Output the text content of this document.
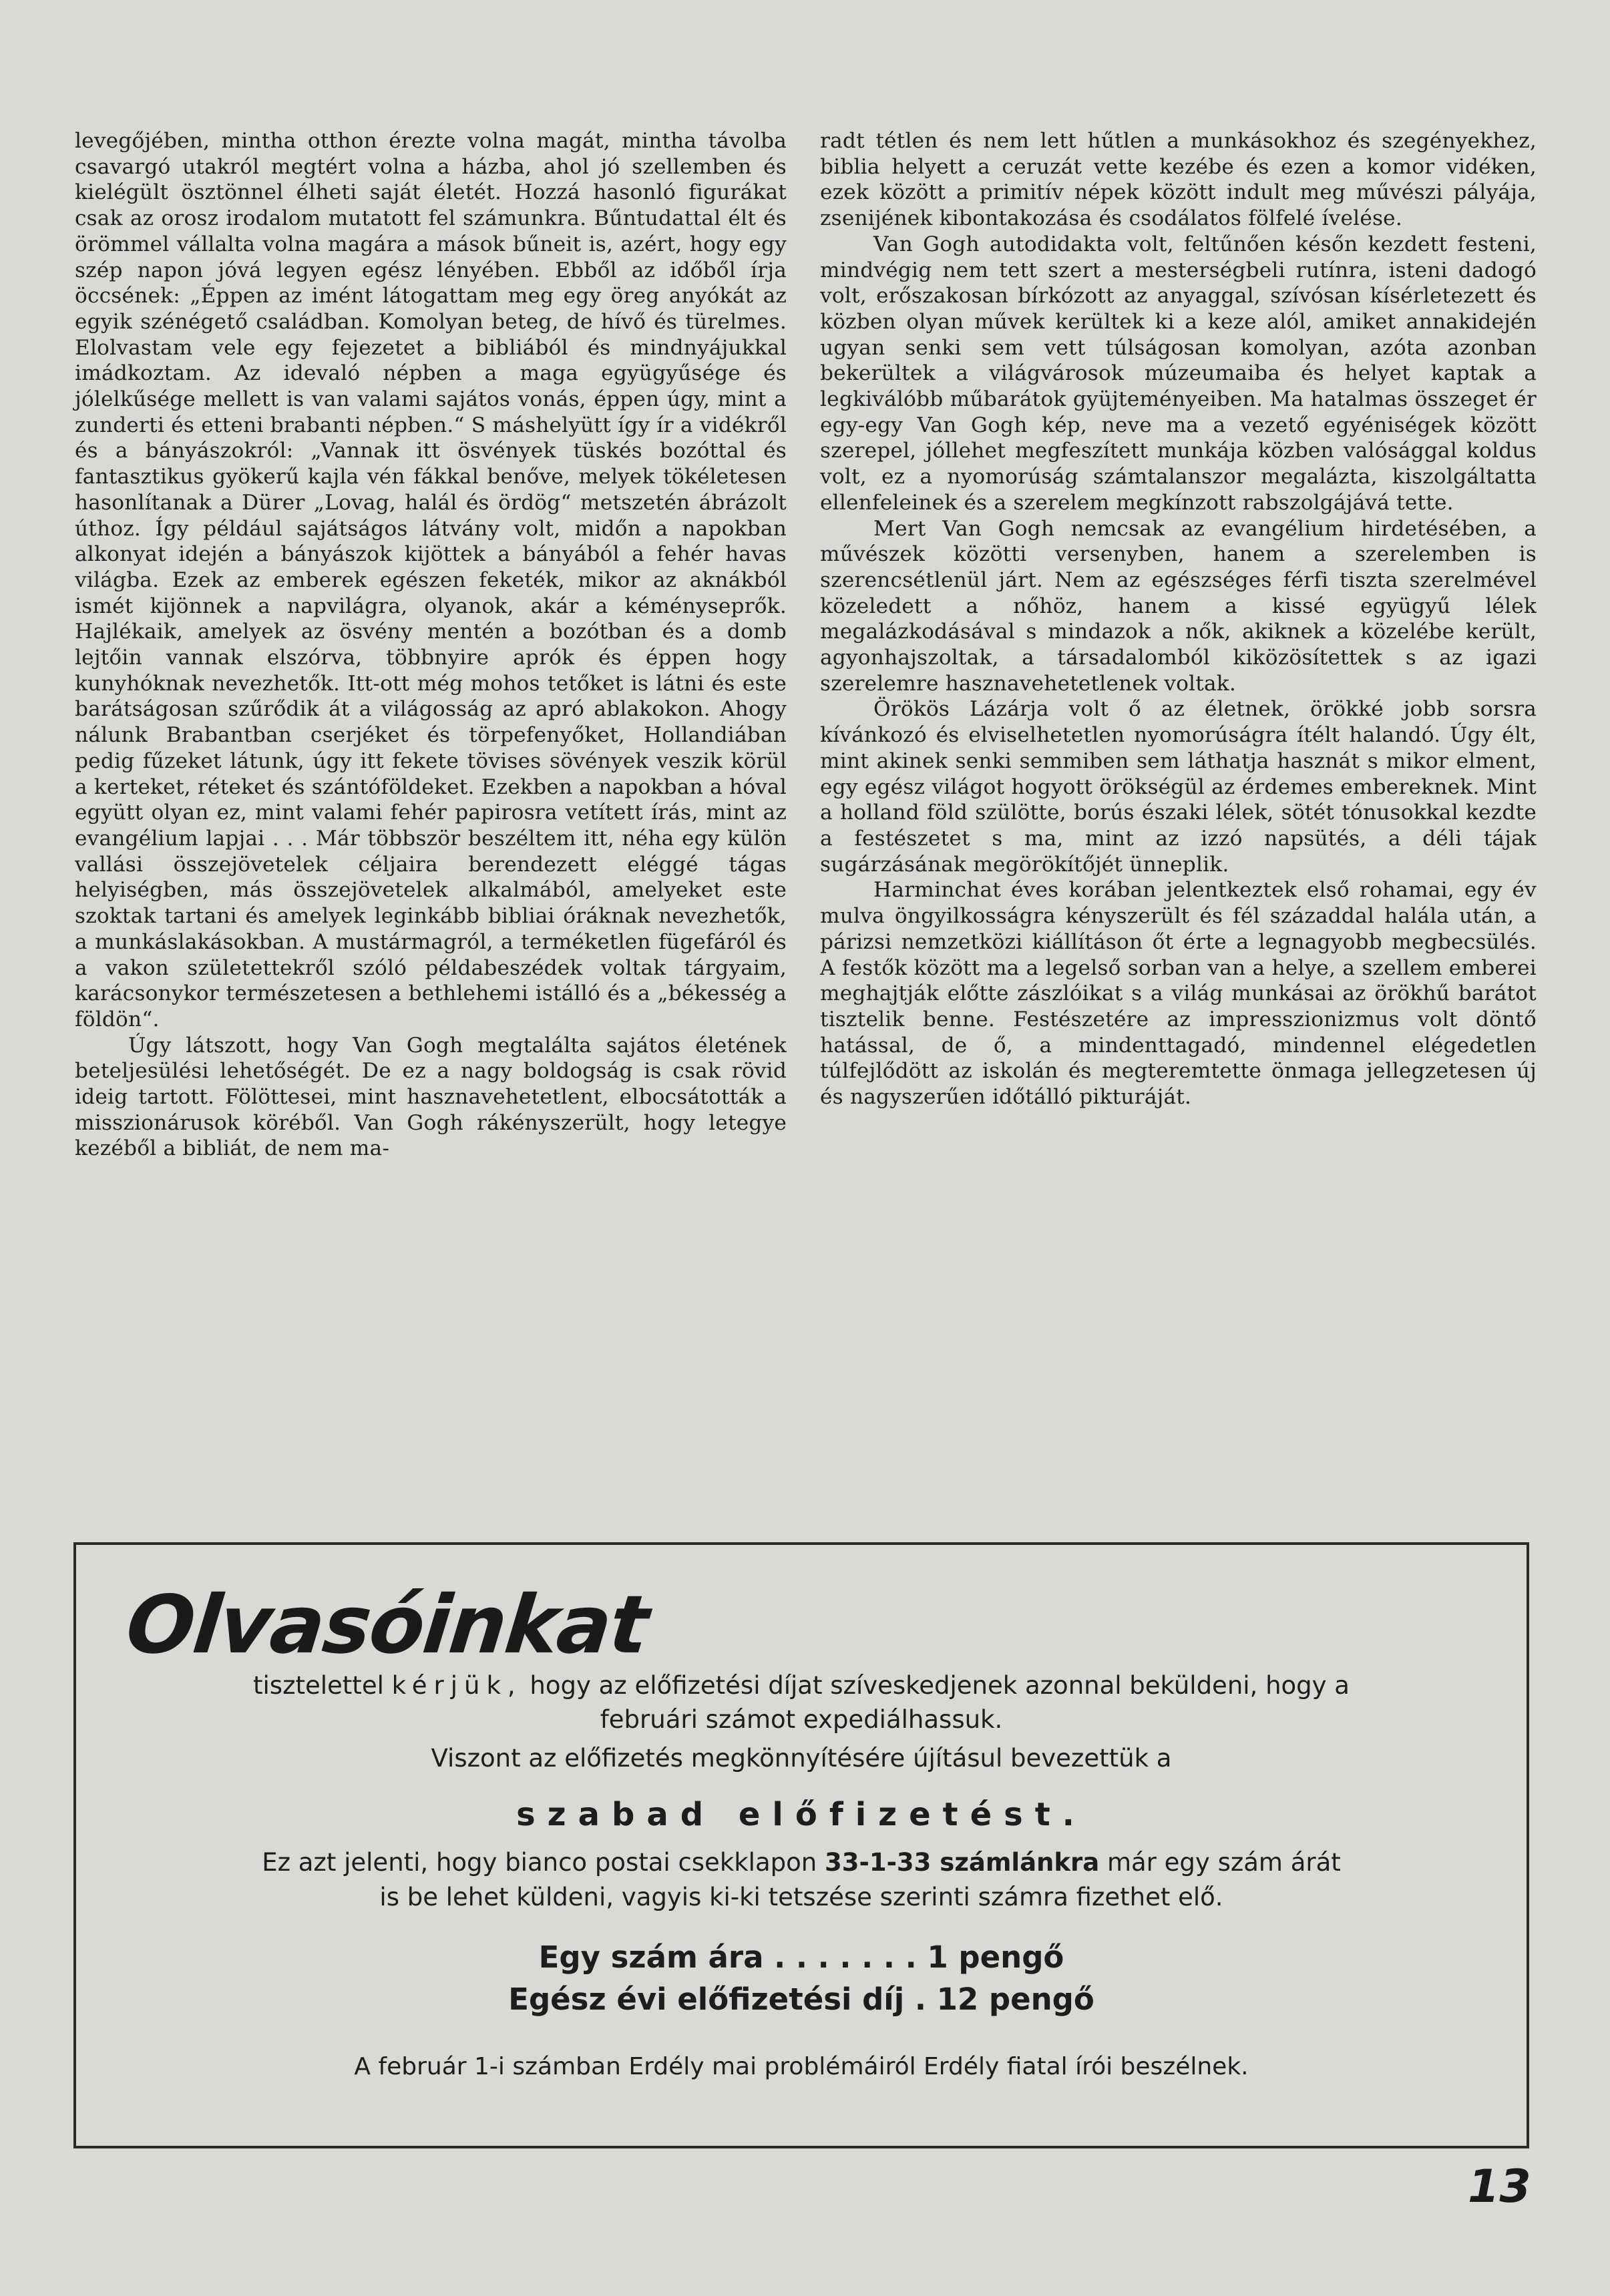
levegőjében, mintha otthon érezte volna magát, mintha távolba csavargó utakról megtért volna a házba, ahol jó szellemben és kielégült ösztönnel élheti saját életét. Hozzá hasonló figurákat csak az orosz irodalom mutatott fel számunkra. Bűntudattal élt és örömmel vállalta volna magára a mások bűneit is, azért, hogy egy szép napon jóvá legyen egész lényében. Ebből az időből írja öccsének: „Éppen az imént látogattam meg egy öreg anyókát az egyik szénégető családban. Komolyan beteg, de hívő és türelmes. Elolvastam vele egy fejezetet a bibliából és mindnyájukkal imádkoztam. Az idevaló népben a maga együgyűsége és jólelkűsége mellett is van valami sajátos vonás, éppen úgy, mint a zunderti és etteni brabanti népben.“ S máshelyütt így ír a vidékről és a bányászokról: „Vannak itt ösvények tüskés bozóttal és fantasztikus gyökerű kajla vén fákkal benőve, melyek tökéletesen hasonlítanak a Dürer „Lovag, halál és ördög“ metszetén ábrázolt úthoz. Így például sajátságos látvány volt, midőn a napokban alkonyat idején a bányászok kijöttek a bányából a fehér havas világba. Ezek az emberek egészen feketék, mikor az aknákból ismét kijönnek a napvilágra, olyanok, akár a kéményseprők. Hajlékaik, amelyek az ösvény mentén a bozótban és a domb lejtőin vannak elszórva, többnyire aprók és éppen hogy kunyhóknak nevezhetők. Itt-ott még mohos tetőket is látni és este barátságosan szűrődik át a világosság az apró ablakokon. Ahogy nálunk Brabantban cserjéket és törpefenyőket, Hollandiában pedig fűzeket látunk, úgy itt fekete tövises sövények veszik körül a kerteket, réteket és szántóföldeket. Ezekben a napokban a hóval együtt olyan ez, mint valami fehér papirosra vetített írás, mint az evangélium lapjai . . . Már többször beszéltem itt, néha egy külön vallási összejövetelek céljaira berendezett eléggé tágas helyiségben, más összejövetelek alkalmából, amelyeket este szoktak tartani és amelyek leginkább bibliai óráknak nevezhetők, a munkáslakásokban. A mustármagról, a terméketlen fügefáról és a vakon születettekről szóló példabeszédek voltak tárgyaim, karácsonykor természetesen a bethlehemi istálló és a „békesség a földön“.

Úgy látszott, hogy Van Gogh megtalálta sajátos életének beteljesülési lehetőségét. De ez a nagy boldogság is csak rövid ideig tartott. Fölöttesei, mint hasznavehetetlent, elbocsátották a misszionárusok köréből. Van Gogh rákényszerült, hogy letegye kezéből a bibliát, de nem ma-

radt tétlen és nem lett hűtlen a munkásokhoz és szegényekhez, biblia helyett a ceruzát vette kezébe és ezen a komor vidéken, ezek között a primitív népek között indult meg művészi pályája, zsenijének kibontakozása és csodálatos fölfelé ívelése.

Van Gogh autodidakta volt, feltűnően későn kezdett festeni, mindvégig nem tett szert a mesterségbeli rutínra, isteni dadogó volt, erőszakosan bírkózott az anyaggal, szívósan kísérletezett és közben olyan művek kerültek ki a keze alól, amiket annakidején ugyan senki sem vett túlságosan komolyan, azóta azonban bekerültek a világvárosok múzeumaiba és helyet kaptak a legkiválóbb műbarátok gyüjteményeiben. Ma hatalmas összeget ér egy-egy Van Gogh kép, neve ma a vezető egyéniségek között szerepel, jóllehet megfeszített munkája közben valósággal koldus volt, ez a nyomorúság számtalanszor megalázta, kiszolgáltatta ellenfeleinek és a szerelem megkínzott rabszolgájává tette.

Mert Van Gogh nemcsak az evangélium hirdetésében, a művészek közötti versenyben, hanem a szerelemben is szerencsétlenül járt. Nem az egészséges férfi tiszta szerelmével közeledett a nőhöz, hanem a kissé együgyű lélek megalázkodásával s mindazok a nők, akiknek a közelébe került, agyonhajszoltak, a társadalomból kiközösítettek s az igazi szerelemre hasznavehetetlenek voltak.

Örökös Lázárja volt ő az életnek, örökké jobb sorsra kívánkozó és elviselhetetlen nyomorúságra ítélt halandó. Úgy élt, mint akinek senki semmiben sem láthatja hasznát s mikor elment, egy egész világot hogyott örökségül az érdemes embereknek. Mint a holland föld szülötte, borús északi lélek, sötét tónusokkal kezdte a festészetet s ma, mint az izzó napsütés, a déli tájak sugárzásának megörökítőjét ünneplik.

Harminchat éves korában jelentkeztek első rohamai, egy év mulva öngyilkosságra kényszerült és fél századdal halála után, a párizsi nemzetközi kiállításon őt érte a legnagyobb megbecsülés. A festők között ma a legelső sorban van a helye, a szellem emberei meghajtják előtte zászlóikat s a világ munkásai az örökhű barátot tisztelik benne. Festészetére az impresszionizmus volt döntő hatással, de ő, a mindenttagadó, mindennel elégedetlen túlfejlődött az iskolán és megteremtette önmaga jellegzetesen új és nagyszerűen időtálló pikturáját.

Olvasóinkat
tisztelettel kérjük, hogy az előfizetési díjat szíveskedjenek azonnal beküldeni, hogy a
februári számot expediálhassuk.
Viszont az előfizetés megkönnyítésére újításul bevezettük a
szabad előfizetést.
Ez azt jelenti, hogy bianco postai csekklapon 33-1-33 számlánkra már egy szám árát
is be lehet küldeni, vagyis ki-ki tetszése szerinti számra fizethet elő.
Egy szám ára . . . . . . . 1 pengő
Egész évi előfizetési díj . 12 pengő
A február 1-i számban Erdély mai problémáiról Erdély fiatal írói beszélnek.
13
